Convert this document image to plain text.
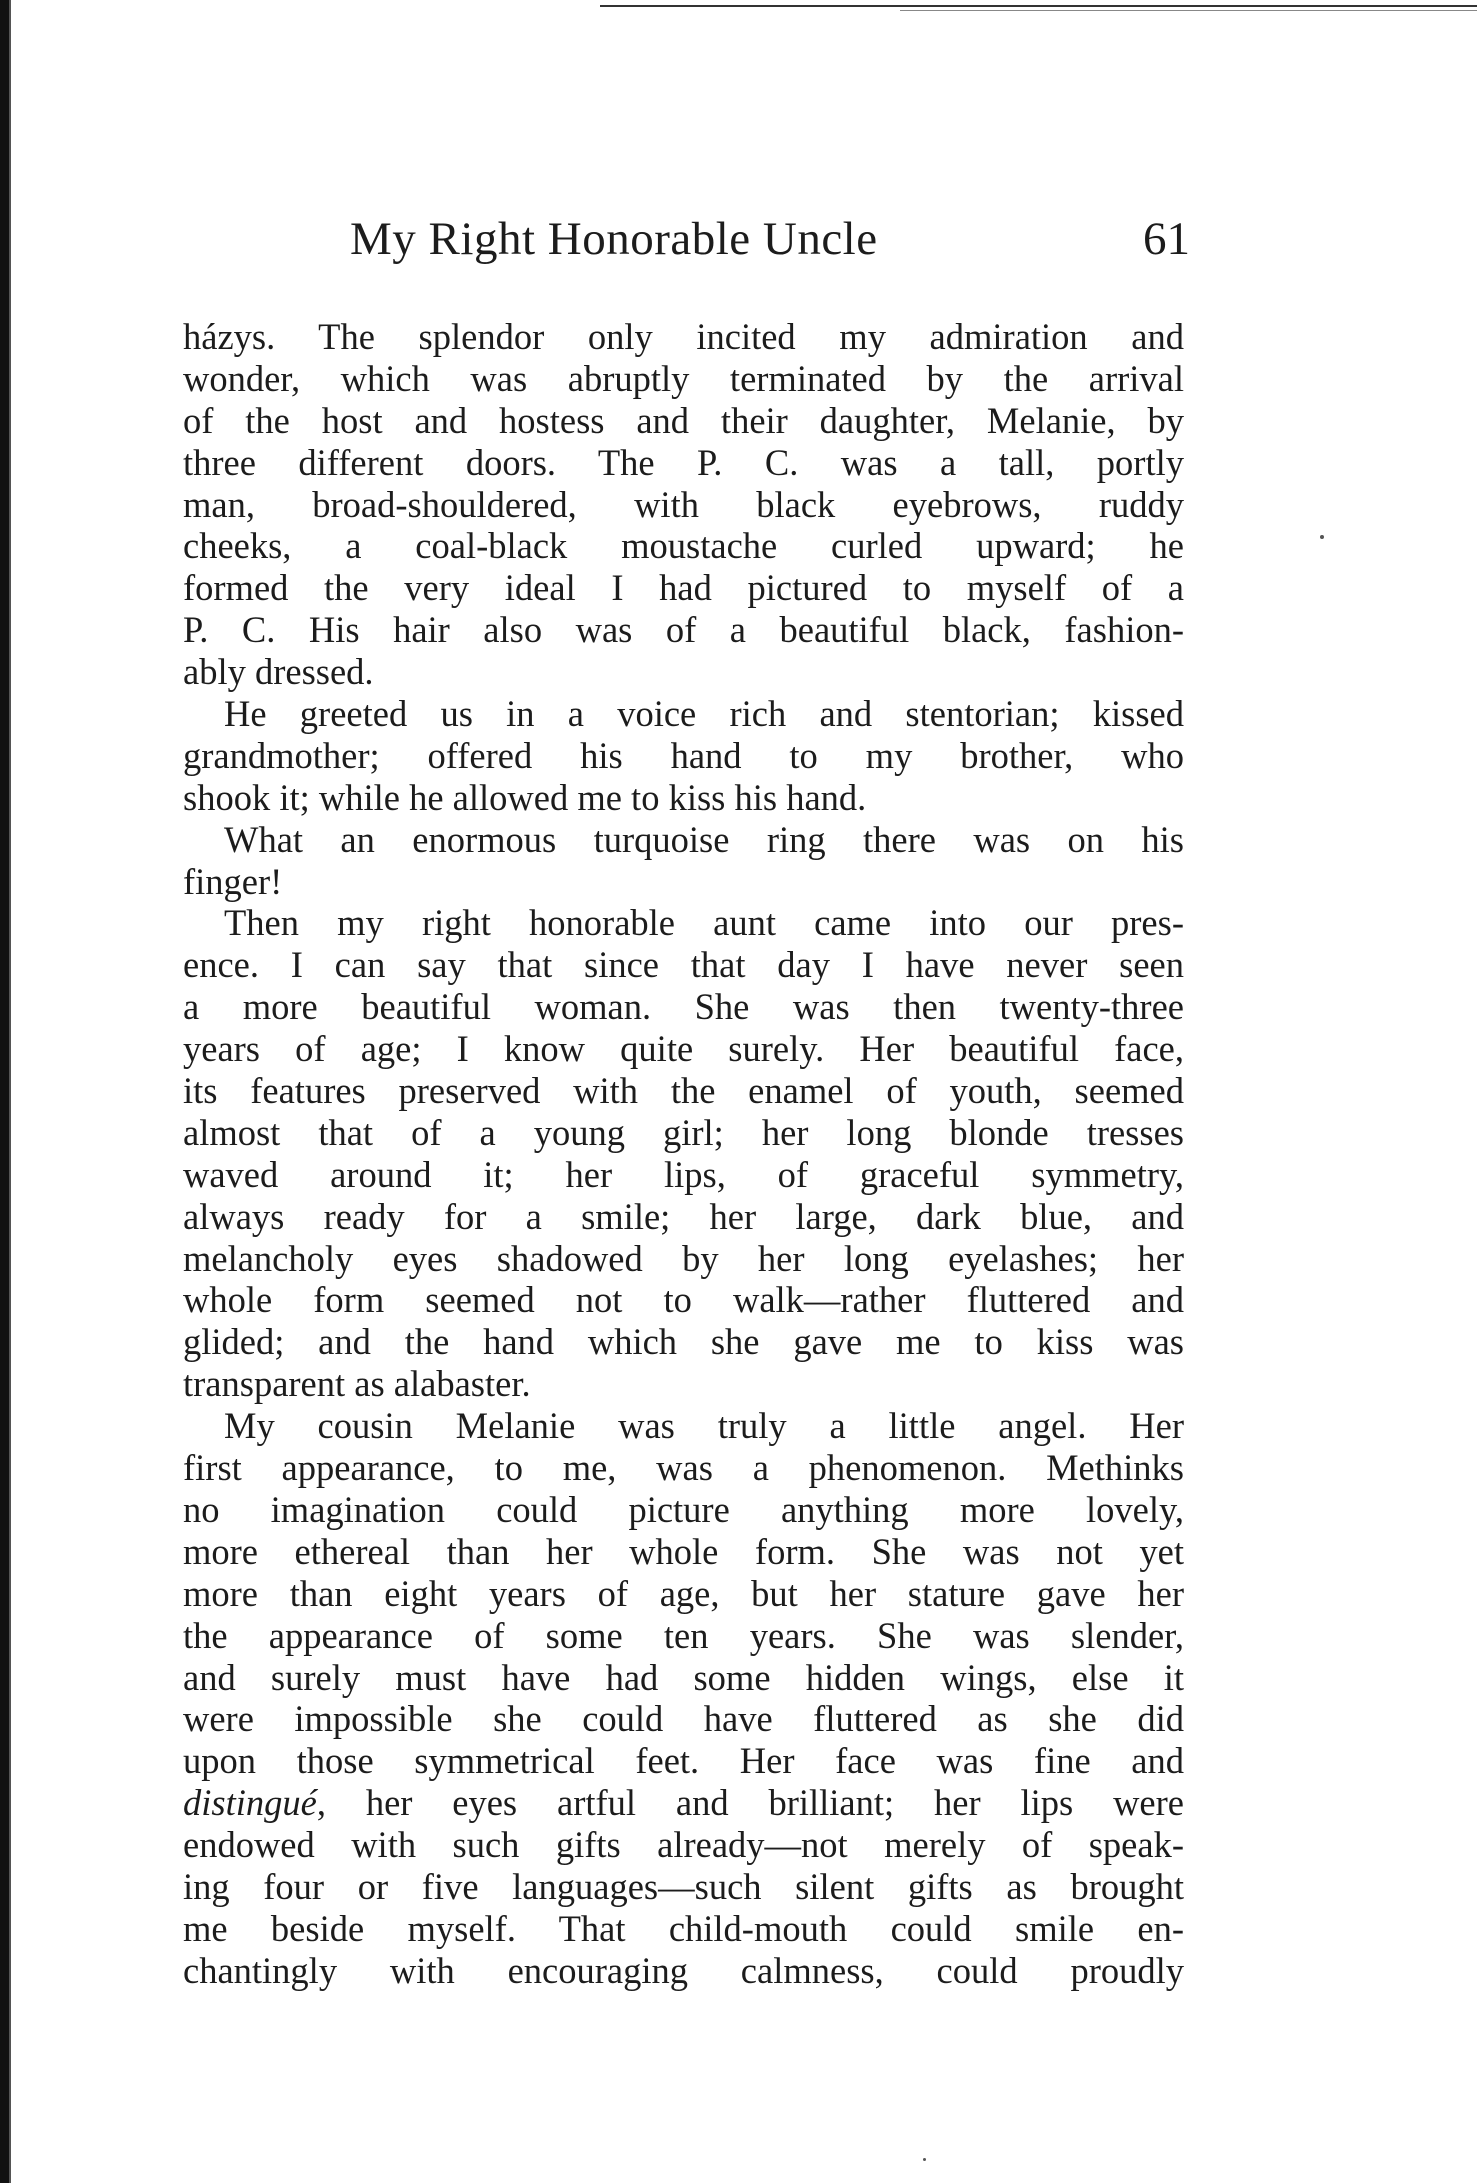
My Right Honorable Uncle	61
házys. The splendor only incited my admiration and
wonder, which was abruptly terminated by the arrival
of the host and hostess and their daughter, Melanie, by
three different doors. The P. C. was a tall, portly
man, broad-shouldered, with black eyebrows, ruddy
cheeks, a coal-black moustache curled upward; he
formed the very ideal I had pictured to myself of a
P. C. His hair also was of a beautiful black, fashion-
ably dressed.
He greeted us in a voice rich and stentorian; kissed
grandmother; offered his hand to my brother, who
shook it; while he allowed me to kiss his hand.
What an enormous turquoise ring there was on his
finger!
Then my right honorable aunt came into our pres-
ence. I can say that since that day I have never seen
a more beautiful woman. She was then twenty-three
years of age; I know quite surely. Her beautiful face,
its features preserved with the enamel of youth, seemed
almost that of a young girl; her long blonde tresses
waved around it; her lips, of graceful symmetry,
always ready for a smile; her large, dark blue, and
melancholy eyes shadowed by her long eyelashes; her
whole form seemed not to walk—rather fluttered and
glided; and the hand which she gave me to kiss was
transparent as alabaster.
My cousin Melanie was truly a little angel. Her
first appearance, to me, was a phenomenon. Methinks
no imagination could picture anything more lovely,
more ethereal than her whole form. She was not yet
more than eight years of age, but her stature gave her
the appearance of some ten years. She was slender,
and surely must have had some hidden wings, else it
were impossible she could have fluttered as she did
upon those symmetrical feet. Her face was fine and
distingué, her eyes artful and brilliant; her lips were
endowed with such gifts already—not merely of speak-
ing four or five languages—such silent gifts as brought
me beside myself. That child-mouth could smile en-
chantingly with encouraging calmness, could proudly
